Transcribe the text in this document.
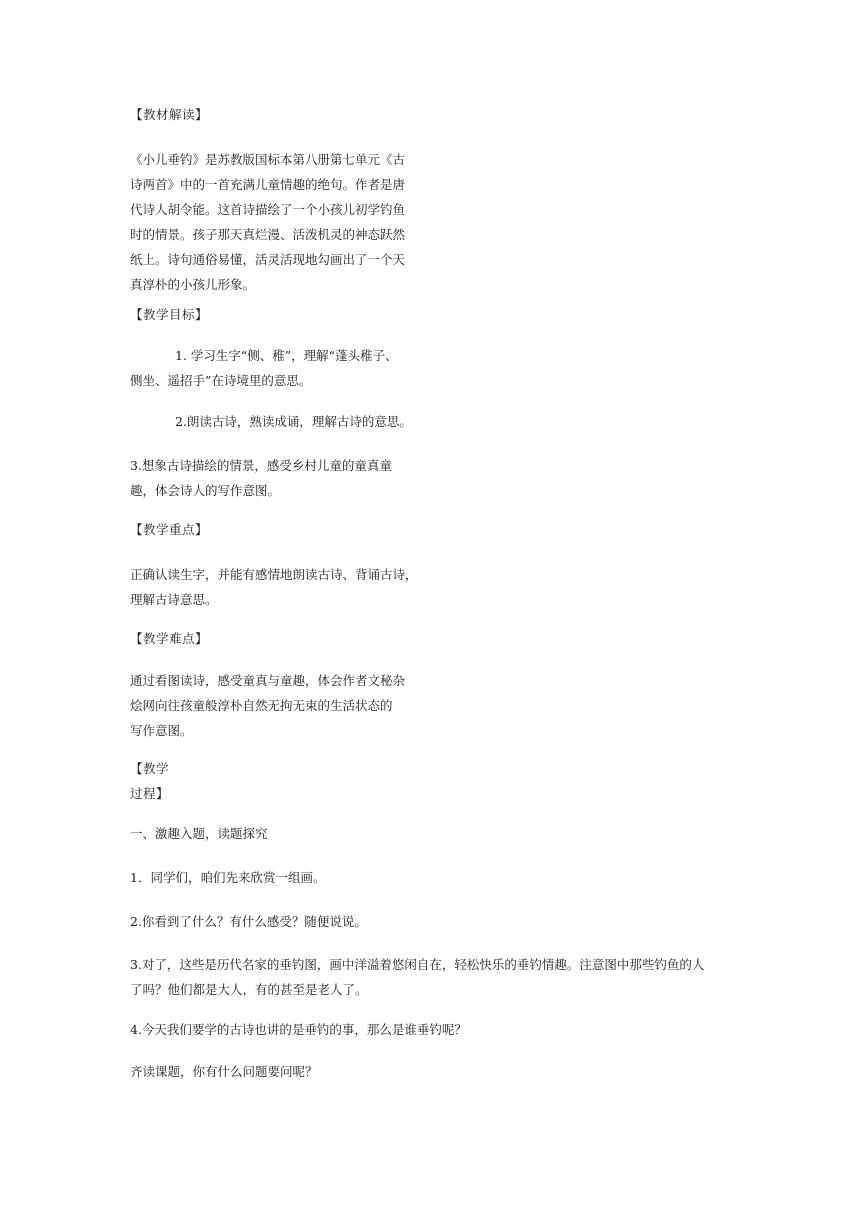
【教材解读】
《小儿垂钓》是苏教版国标本第八册第七单元《古
诗两首》中的一首充满儿童情趣的绝句。作者是唐
代诗人胡令能。这首诗描绘了一个小孩儿初学钓鱼
时的情景。孩子那天真烂漫、活泼机灵的神态跃然
纸上。诗句通俗易懂，活灵活现地勾画出了一个天
真淳朴的小孩儿形象。
【教学目标】
1. 学习生字“侧、稚”，理解“蓬头稚子、
侧坐、遥招手”在诗境里的意思。
2.朗读古诗，熟读成诵，理解古诗的意思。
3.想象古诗描绘的情景，感受乡村儿童的童真童
趣，体会诗人的写作意图。
【教学重点】
正确认读生字，并能有感情地朗读古诗、背诵古诗，
理解古诗意思。
【教学难点】
通过看图读诗，感受童真与童趣，体会作者文秘杂
烩网向往孩童般淳朴自然无拘无束的生活状态的
写作意图。
【教学
过程】
一、激趣入题，读题探究
1．同学们，咱们先来欣赏一组画。
2.你看到了什么？有什么感受？随便说说。
3.对了，这些是历代名家的垂钓图，画中洋溢着悠闲自在，轻松快乐的垂钓情趣。注意图中那些钓鱼的人
了吗？他们都是大人，有的甚至是老人了。
4.今天我们要学的古诗也讲的是垂钓的事，那么是谁垂钓呢？
齐读课题，你有什么问题要问呢？
